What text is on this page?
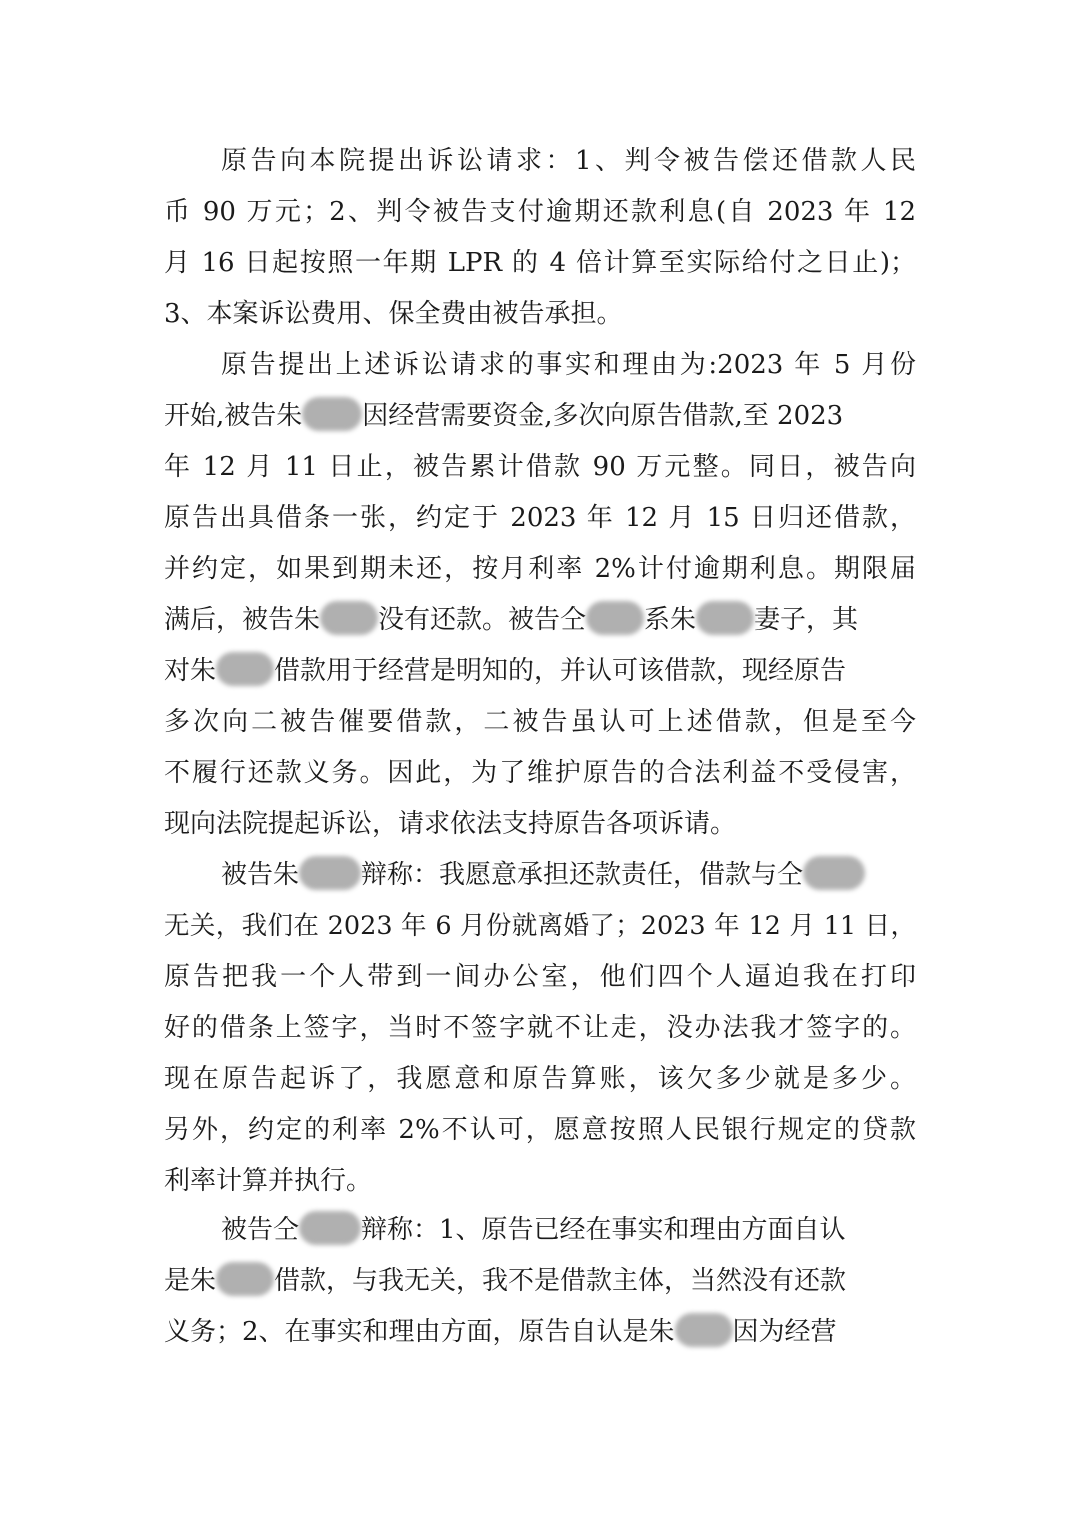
原告向本院提出诉讼请求：1、判令被告偿还借款人民
币 90 万元；2、判令被告支付逾期还款利息(自 2023 年 12
月 16 日起按照一年期 LPR 的 4 倍计算至实际给付之日止)；
3、本案诉讼费用、保全费由被告承担。
原告提出上述诉讼请求的事实和理由为:2023 年 5 月份
开始,被告朱 因经营需要资金,多次向原告借款,至 2023
年 12 月 11 日止，被告累计借款 90 万元整。同日，被告向
原告出具借条一张，约定于 2023 年 12 月 15 日归还借款，
并约定，如果到期未还，按月利率 2%计付逾期利息。期限届
满后，被告朱 没有还款。被告仝 系朱 妻子，其
对朱 借款用于经营是明知的，并认可该借款，现经原告
多次向二被告催要借款，二被告虽认可上述借款，但是至今
不履行还款义务。因此，为了维护原告的合法利益不受侵害，
现向法院提起诉讼，请求依法支持原告各项诉请。
被告朱 辩称：我愿意承担还款责任，借款与仝
无关，我们在 2023 年 6 月份就离婚了；2023 年 12 月 11 日，
原告把我一个人带到一间办公室，他们四个人逼迫我在打印
好的借条上签字，当时不签字就不让走，没办法我才签字的。
现在原告起诉了，我愿意和原告算账，该欠多少就是多少。
另外，约定的利率 2%不认可，愿意按照人民银行规定的贷款
利率计算并执行。
被告仝 辩称：1、原告已经在事实和理由方面自认
是朱 借款，与我无关，我不是借款主体，当然没有还款
义务；2、在事实和理由方面，原告自认是朱 因为经营
